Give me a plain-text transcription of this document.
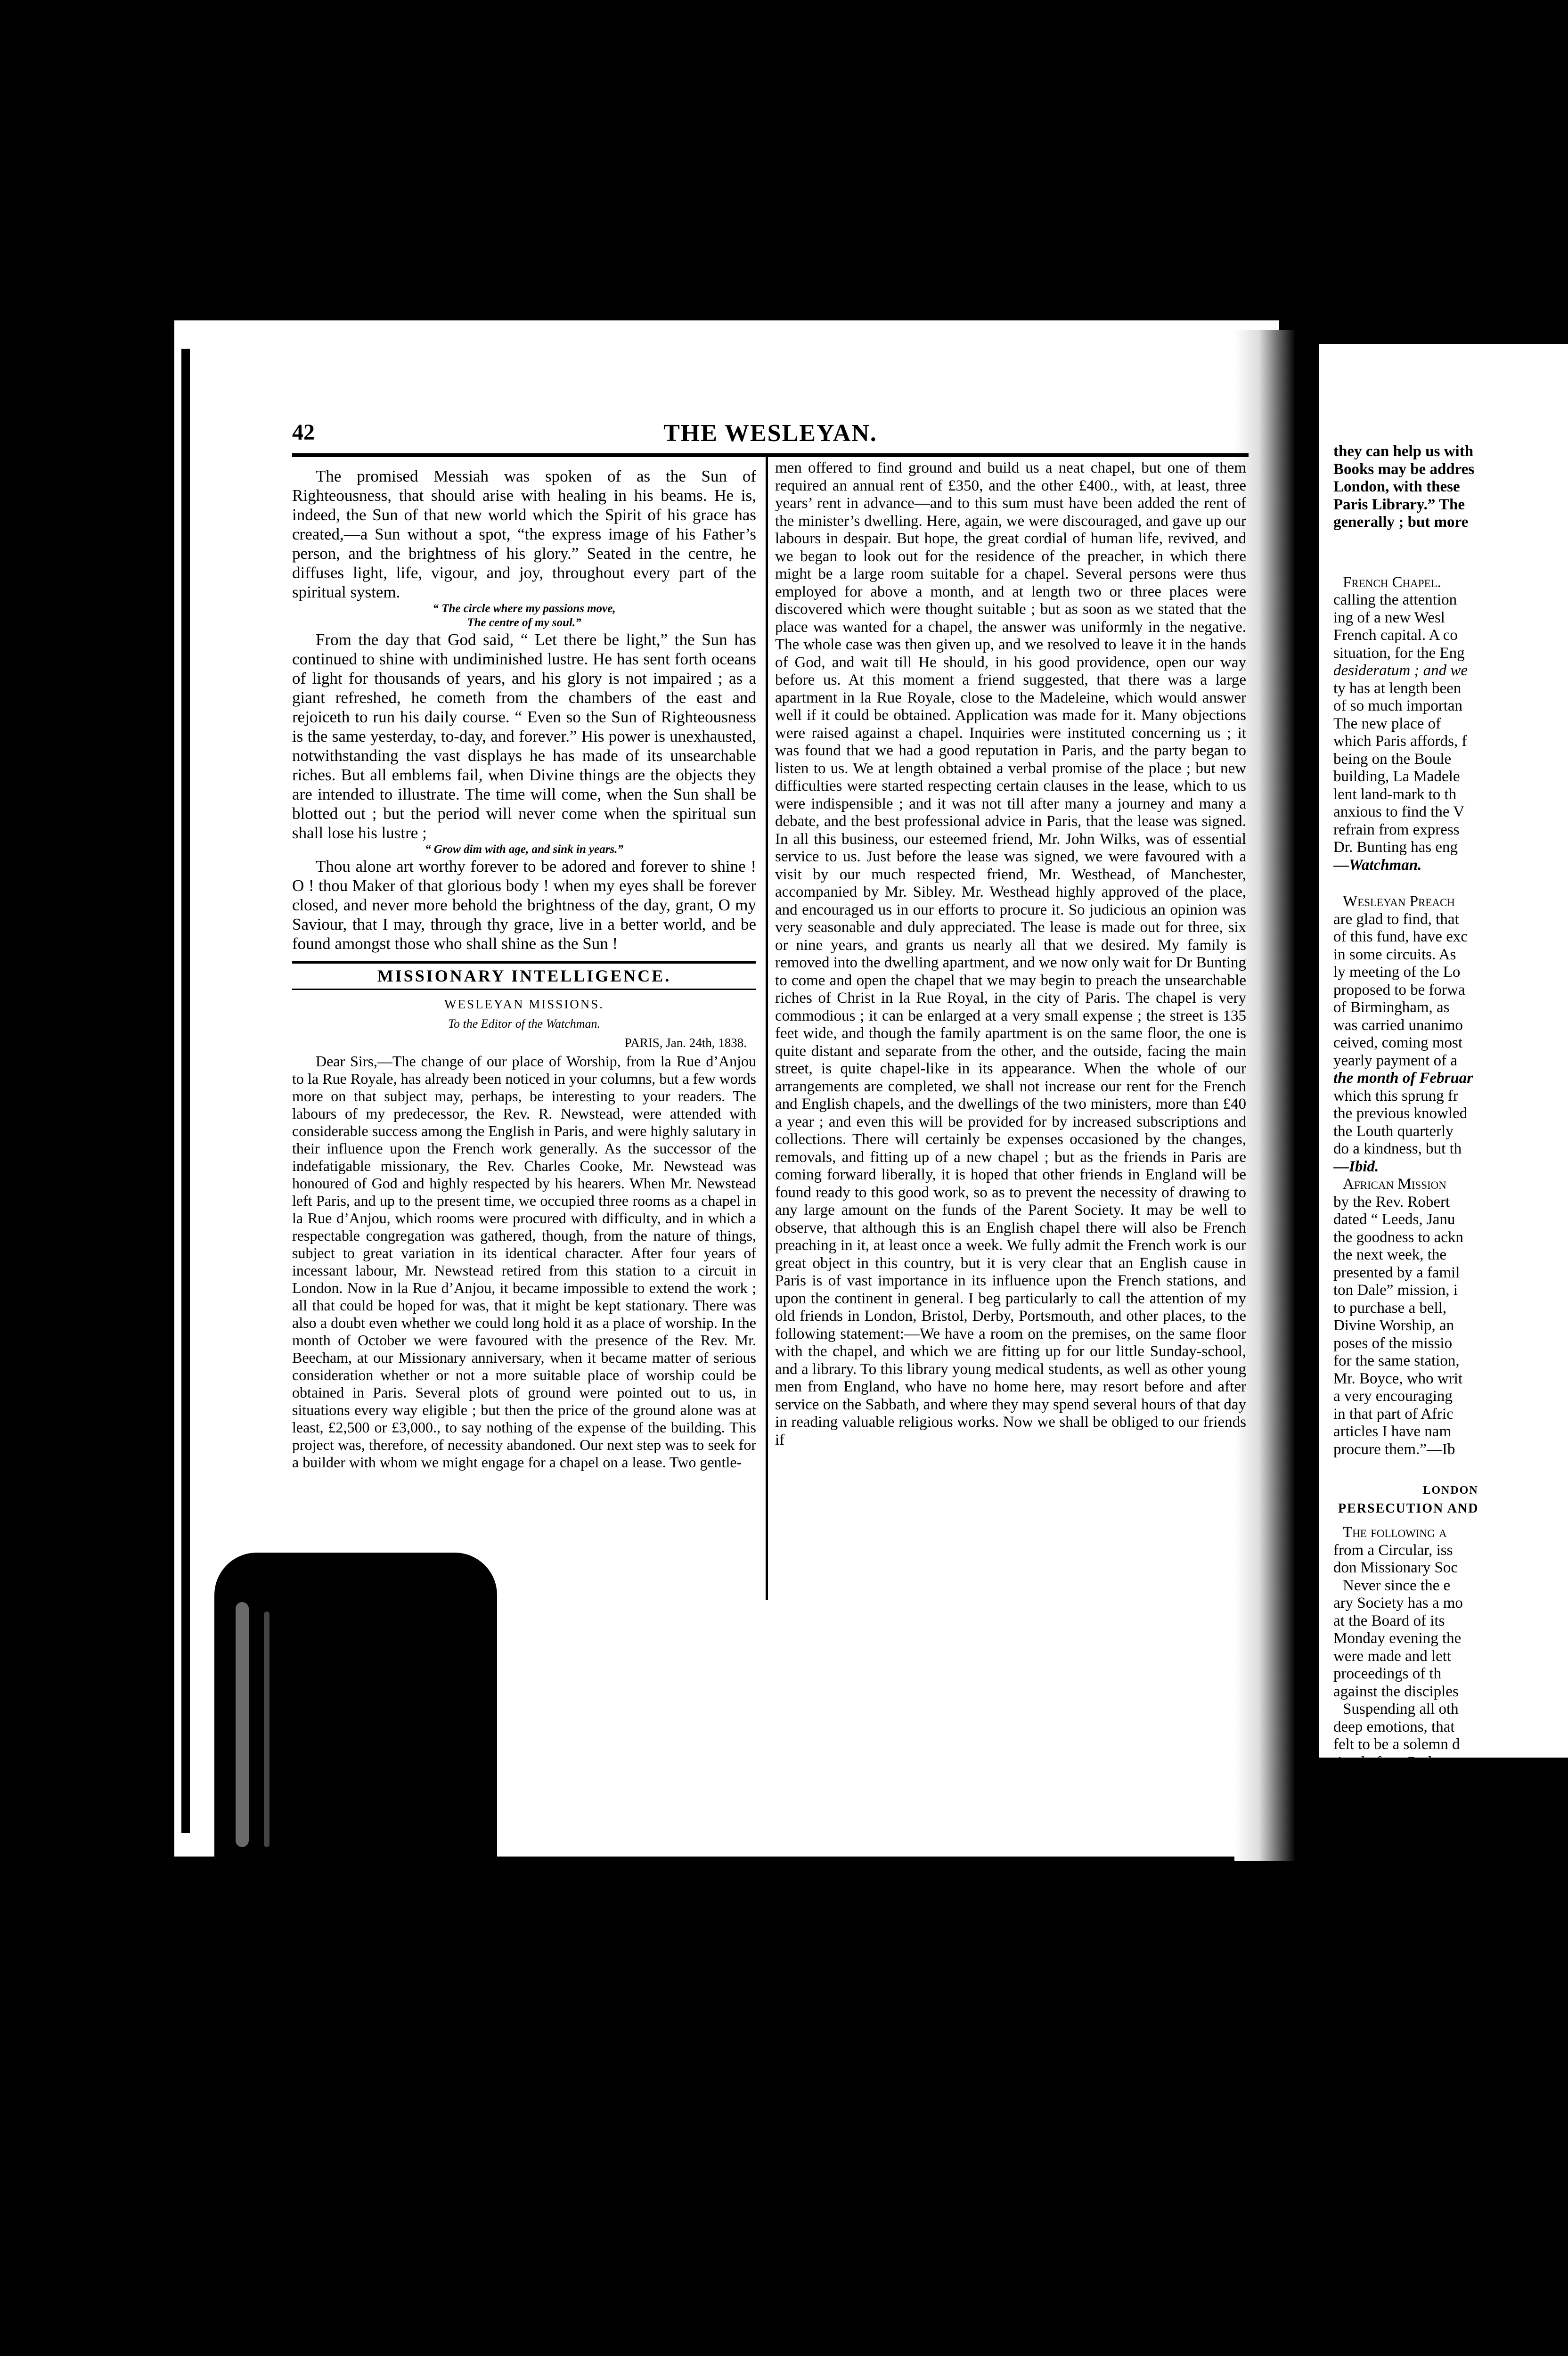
42	THE WESLEYAN.

The promised Messiah was spoken of as the Sun of Righteousness, that should arise with healing in his beams. He is, indeed, the Sun of that new world which the Spirit of his grace has created,—a Sun without a spot, “the express image of his Father’s person, and the brightness of his glory.” Seated in the centre, he diffuses light, life, vigour, and joy, throughout every part of the spiritual system.

“ The circle where my passions move,

The centre of my soul.”

From the day that God said, “ Let there be light,” the Sun has continued to shine with undiminished lustre. He has sent forth oceans of light for thousands of years, and his glory is not impaired ; as a giant refreshed, he cometh from the chambers of the east and rejoiceth to run his daily course. “ Even so the Sun of Righteousness is the same yesterday, to-day, and forever.” His power is unexhausted, notwithstanding the vast displays he has made of its unsearchable riches. But all emblems fail, when Divine things are the objects they are intended to illustrate. The time will come, when the Sun shall be blotted out ; but the period will never come when the spiritual sun shall lose his lustre ;

“ Grow dim with age, and sink in years.”

Thou alone art worthy forever to be adored and forever to shine ! O ! thou Maker of that glorious body ! when my eyes shall be forever closed, and never more behold the brightness of the day, grant, O my Saviour, that I may, through thy grace, live in a better world, and be found amongst those who shall shine as the Sun !

MISSIONARY INTELLIGENCE.

WESLEYAN MISSIONS.

To the Editor of the Watchman.

PARIS, Jan. 24th, 1838.

Dear Sirs,—The change of our place of Worship, from la Rue d’Anjou to la Rue Royale, has already been noticed in your columns, but a few words more on that subject may, perhaps, be interesting to your readers. The labours of my predecessor, the Rev. R. Newstead, were attended with considerable success among the English in Paris, and were highly salutary in their influence upon the French work generally. As the successor of the indefatigable missionary, the Rev. Charles Cooke, Mr. Newstead was honoured of God and highly respected by his hearers. When Mr. Newstead left Paris, and up to the present time, we occupied three rooms as a chapel in la Rue d’Anjou, which rooms were procured with difficulty, and in which a respectable congregation was gathered, though, from the nature of things, subject to great variation in its identical character. After four years of incessant labour, Mr. Newstead retired from this station to a circuit in London. Now in la Rue d’Anjou, it became impossible to extend the work ; all that could be hoped for was, that it might be kept stationary. There was also a doubt even whether we could long hold it as a place of worship. In the month of October we were favoured with the presence of the Rev. Mr. Beecham, at our Missionary anniversary, when it became matter of serious consideration whether or not a more suitable place of worship could be obtained in Paris. Several plots of ground were pointed out to us, in situations every way eligible ; but then the price of the ground alone was at least, £2,500 or £3,000., to say nothing of the expense of the building. This project was, therefore, of necessity abandoned. Our next step was to seek for a builder with whom we might engage for a chapel on a lease. Two gentle-

men offered to find ground and build us a neat chapel, but one of them required an annual rent of £350, and the other £400., with, at least, three years’ rent in advance—and to this sum must have been added the rent of the minister’s dwelling. Here, again, we were discouraged, and gave up our labours in despair. But hope, the great cordial of human life, revived, and we began to look out for the residence of the preacher, in which there might be a large room suitable for a chapel. Several persons were thus employed for above a month, and at length two or three places were discovered which were thought suitable ; but as soon as we stated that the place was wanted for a chapel, the answer was uniformly in the negative. The whole case was then given up, and we resolved to leave it in the hands of God, and wait till He should, in his good providence, open our way before us. At this moment a friend suggested, that there was a large apartment in la Rue Royale, close to the Madeleine, which would answer well if it could be obtained. Application was made for it. Many objections were raised against a chapel. Inquiries were instituted concerning us ; it was found that we had a good reputation in Paris, and the party began to listen to us. We at length obtained a verbal promise of the place ; but new difficulties were started respecting certain clauses in the lease, which to us were indispensible ; and it was not till after many a journey and many a debate, and the best professional advice in Paris, that the lease was signed. In all this business, our esteemed friend, Mr. John Wilks, was of essential service to us. Just before the lease was signed, we were favoured with a visit by our much respected friend, Mr. Westhead, of Manchester, accompanied by Mr. Sibley. Mr. Westhead highly approved of the place, and encouraged us in our efforts to procure it. So judicious an opinion was very seasonable and duly appreciated. The lease is made out for three, six or nine years, and grants us nearly all that we desired. My family is removed into the dwelling apartment, and we now only wait for Dr Bunting to come and open the chapel that we may begin to preach the unsearchable riches of Christ in la Rue Royal, in the city of Paris. The chapel is very commodious ; it can be enlarged at a very small expense ; the street is 135 feet wide, and though the family apartment is on the same floor, the one is quite distant and separate from the other, and the outside, facing the main street, is quite chapel-like in its appearance. When the whole of our arrangements are completed, we shall not increase our rent for the French and English chapels, and the dwellings of the two ministers, more than £40 a year ; and even this will be provided for by increased subscriptions and collections. There will certainly be expenses occasioned by the changes, removals, and fitting up of a new chapel ; but as the friends in Paris are coming forward liberally, it is hoped that other friends in England will be found ready to this good work, so as to prevent the necessity of drawing to any large amount on the funds of the Parent Society. It may be well to observe, that although this is an English chapel there will also be French preaching in it, at least once a week. We fully admit the French work is our great object in this country, but it is very clear that an English cause in Paris is of vast importance in its influence upon the French stations, and upon the continent in general. I beg particularly to call the attention of my old friends in London, Bristol, Derby, Portsmouth, and other places, to the following statement:—We have a room on the premises, on the same floor with the chapel, and which we are fitting up for our little Sunday-school, and a library. To this library young medical students, as well as other young men from England, who have no home here, may resort before and after service on the Sabbath, and where they may spend several hours of that day in reading valuable religious works. Now we shall be obliged to our friends if

they can help us with
Books may be addres
London, with these
Paris Library.” The
generally ; but more
French Chapel.
calling the attention
ing of a new Wesl
French capital. A co
situation, for the Eng
desideratum ; and we
ty has at length been
of so much importan
The new place of
which Paris affords, f
being on the Boule
building, La Madele
lent land-mark to th
anxious to find the V
refrain from express
Dr. Bunting has eng
—Watchman.
Wesleyan Preach
are glad to find, that
of this fund, have exc
in some circuits. As
ly meeting of the Lo
proposed to be forwa
of Birmingham, as
was carried unanimo
ceived, coming most
yearly payment of a
the month of Februar
which this sprung fr
the previous knowled
the Louth quarterly
do a kindness, but th
—Ibid.
African Mission
by the Rev. Robert
dated “ Leeds, Janu
the goodness to ackn
the next week, the
presented by a famil
ton Dale” mission, i
to purchase a bell,
Divine Worship, an
poses of the missio
for the same station,
Mr. Boyce, who writ
a very encouraging
in that part of Afric
articles I have nam
procure them.”—Ib
LONDON
PERSECUTION AND
The following a
from a Circular, iss
don Missionary Soc
Never since the e
ary Society has a mo
at the Board of its
Monday evening the
were made and lett
proceedings of th
against the disciples
Suspending all oth
deep emotions, that
felt to be a solemn d
tion before God, an
throne of grace in
which the enemy in
persecuting flock no
